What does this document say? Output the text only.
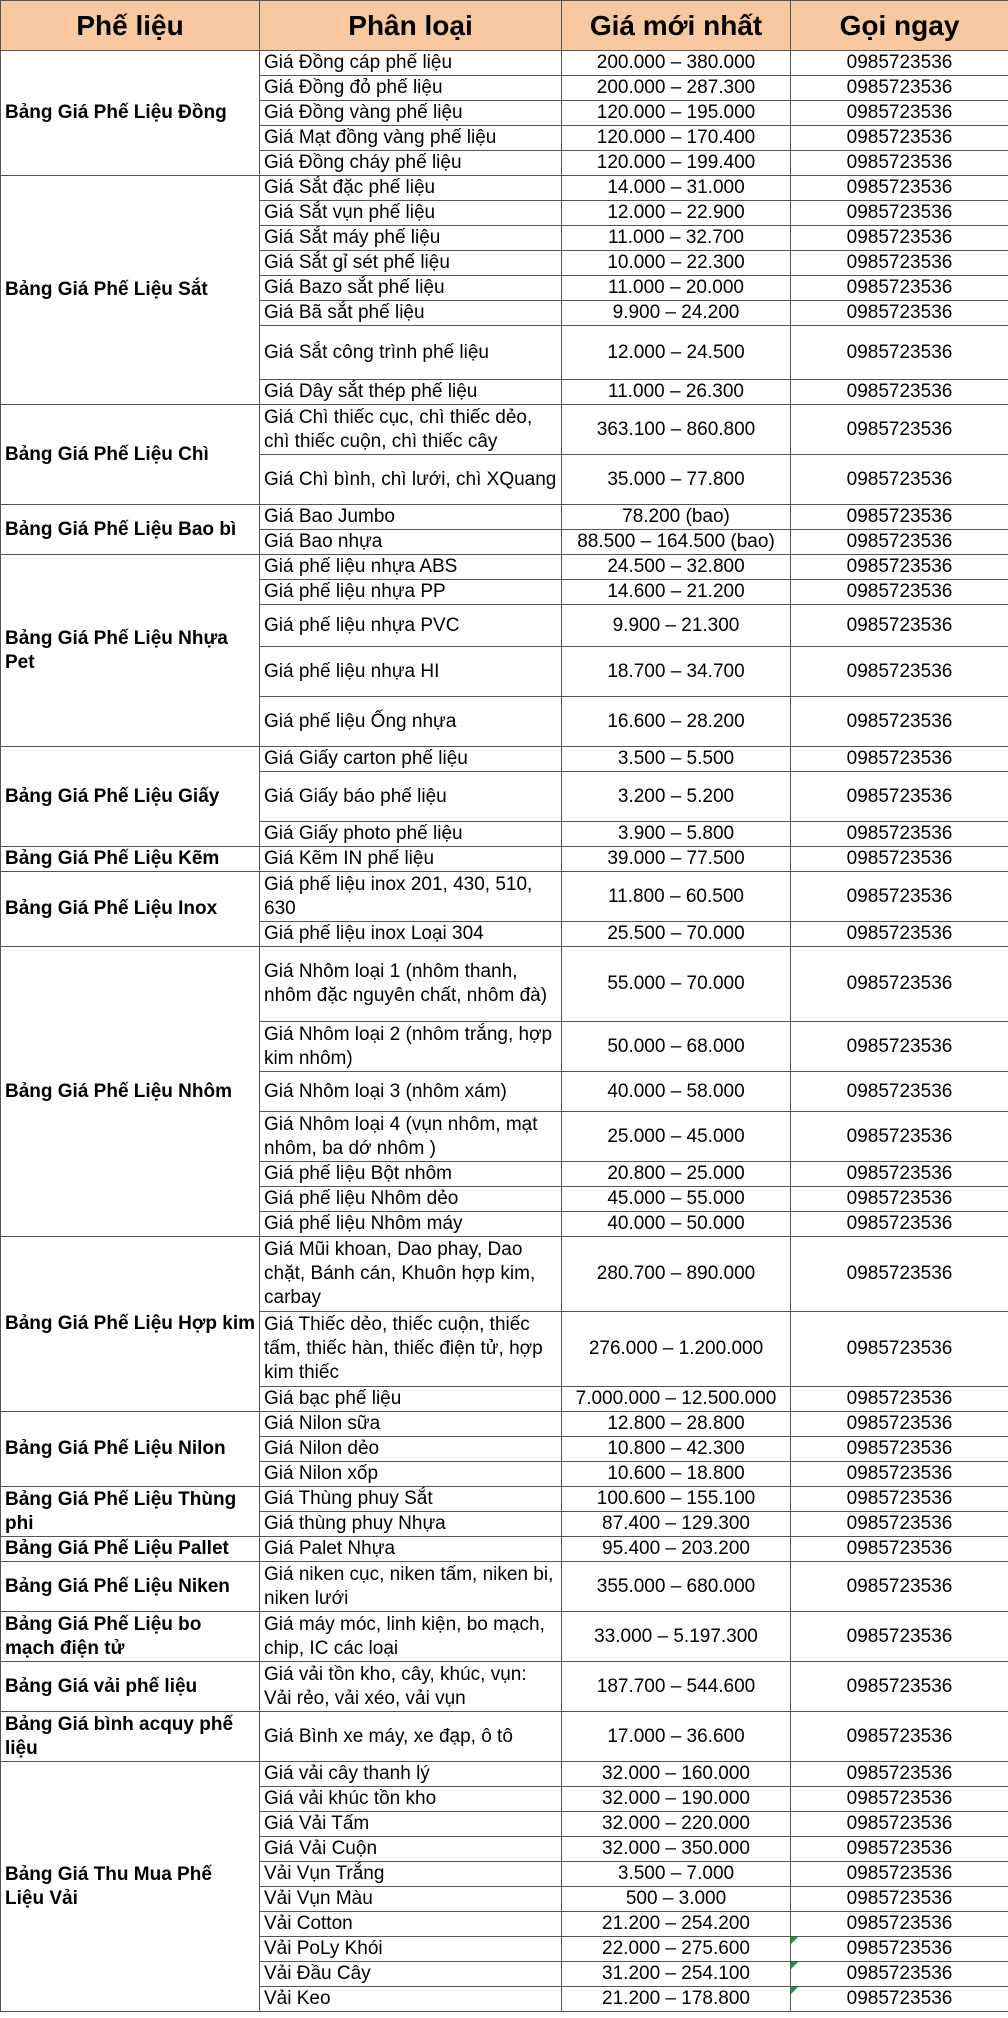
Phế liệu	Phân loại	Giá mới nhất	Gọi ngay
Bảng Giá Phế Liệu Đồng	Giá Đồng cáp phế liệu	200.000 – 380.000	0985723536
	Giá Đồng đỏ phế liệu	200.000 – 287.300	0985723536
	Giá Đồng vàng phế liệu	120.000 – 195.000	0985723536
	Giá Mạt đồng vàng phế liệu	120.000 – 170.400	0985723536
	Giá Đồng cháy phế liệu	120.000 – 199.400	0985723536
Bảng Giá Phế Liệu Sắt	Giá Sắt đặc phế liệu	14.000 – 31.000	0985723536
	Giá Sắt vụn phế liệu	12.000 – 22.900	0985723536
	Giá Sắt máy phế liệu	11.000 – 32.700	0985723536
	Giá Sắt gỉ sét phế liệu	10.000 – 22.300	0985723536
	Giá Bazo sắt phế liệu	11.000 – 20.000	0985723536
	Giá Bã sắt phế liệu	9.900 – 24.200	0985723536
	Giá Sắt công trình phế liệu	12.000 – 24.500	0985723536
	Giá Dây sắt thép phế liệu	11.000 – 26.300	0985723536
Bảng Giá Phế Liệu Chì	Giá Chì thiếc cục, chì thiếc dẻo, chì thiếc cuộn, chì thiếc cây	363.100 – 860.800	0985723536
	Giá Chì bình, chì lưới, chì XQuang	35.000 – 77.800	0985723536
Bảng Giá Phế Liệu Bao bì	Giá Bao Jumbo	78.200 (bao)	0985723536
	Giá Bao nhựa	88.500 – 164.500 (bao)	0985723536
Bảng Giá Phế Liệu Nhựa Pet	Giá phế liệu nhựa ABS	24.500 – 32.800	0985723536
	Giá phế liệu nhựa PP	14.600 – 21.200	0985723536
	Giá phế liệu nhựa PVC	9.900 – 21.300	0985723536
	Giá phế liệu nhựa HI	18.700 – 34.700	0985723536
	Giá phế liệu Ống nhựa	16.600 – 28.200	0985723536
Bảng Giá Phế Liệu Giấy	Giá Giấy carton phế liệu	3.500 – 5.500	0985723536
	Giá Giấy báo phế liệu	3.200 – 5.200	0985723536
	Giá Giấy photo phế liệu	3.900 – 5.800	0985723536
Bảng Giá Phế Liệu Kẽm	Giá Kẽm IN phế liệu	39.000 – 77.500	0985723536
Bảng Giá Phế Liệu Inox	Giá phế liệu inox 201, 430, 510, 630	11.800 – 60.500	0985723536
	Giá phế liệu inox Loại 304	25.500 – 70.000	0985723536
Bảng Giá Phế Liệu Nhôm	Giá Nhôm loại 1 (nhôm thanh, nhôm đặc nguyên chất, nhôm đà)	55.000 – 70.000	0985723536
	Giá Nhôm loại 2 (nhôm trắng, hợp kim nhôm)	50.000 – 68.000	0985723536
	Giá Nhôm loại 3 (nhôm xám)	40.000 – 58.000	0985723536
	Giá Nhôm loại 4 (vụn nhôm, mạt nhôm, ba dớ nhôm )	25.000 – 45.000	0985723536
	Giá phế liệu Bột nhôm	20.800 – 25.000	0985723536
	Giá phế liệu Nhôm dẻo	45.000 – 55.000	0985723536
	Giá phế liệu Nhôm máy	40.000 – 50.000	0985723536
Bảng Giá Phế Liệu Hợp kim	Giá Mũi khoan, Dao phay, Dao chặt, Bánh cán, Khuôn hợp kim, carbay	280.700 – 890.000	0985723536
	Giá Thiếc dẻo, thiếc cuộn, thiếc tấm, thiếc hàn, thiếc điện tử, hợp kim thiếc	276.000 – 1.200.000	0985723536
	Giá bạc phế liệu	7.000.000 – 12.500.000	0985723536
Bảng Giá Phế Liệu Nilon	Giá Nilon sữa	12.800 – 28.800	0985723536
	Giá Nilon dẻo	10.800 – 42.300	0985723536
	Giá Nilon xốp	10.600 – 18.800	0985723536
Bảng Giá Phế Liệu Thùng phi	Giá Thùng phuy Sắt	100.600 – 155.100	0985723536
	Giá thùng phuy Nhựa	87.400 – 129.300	0985723536
Bảng Giá Phế Liệu Pallet	Giá Palet Nhựa	95.400 – 203.200	0985723536
Bảng Giá Phế Liệu Niken	Giá niken cục, niken tấm, niken bi, niken lưới	355.000 – 680.000	0985723536
Bảng Giá Phế Liệu bo mạch điện tử	Giá máy móc, linh kiện, bo mạch, chip, IC các loại	33.000 – 5.197.300	0985723536
Bảng Giá vải phế liệu	Giá vải tồn kho, cây, khúc, vụn: Vải rẻo, vải xéo, vải vụn	187.700 – 544.600	0985723536
Bảng Giá bình acquy phế liệu	Giá Bình xe máy, xe đạp, ô tô	17.000 – 36.600	0985723536
Bảng Giá Thu Mua Phế Liệu Vải	Giá vải cây thanh lý	32.000 – 160.000	0985723536
	Giá vải khúc tồn kho	32.000 – 190.000	0985723536
	Giá Vải Tấm	32.000 – 220.000	0985723536
	Giá Vải Cuộn	32.000 – 350.000	0985723536
	Vải Vụn Trắng	3.500 – 7.000	0985723536
	Vải Vụn Màu	500 – 3.000	0985723536
	Vải Cotton	21.200 – 254.200	0985723536
	Vải PoLy Khói	22.000 – 275.600	0985723536
	Vải Đầu Cây	31.200 – 254.100	0985723536
	Vải Keo	21.200 – 178.800	0985723536
